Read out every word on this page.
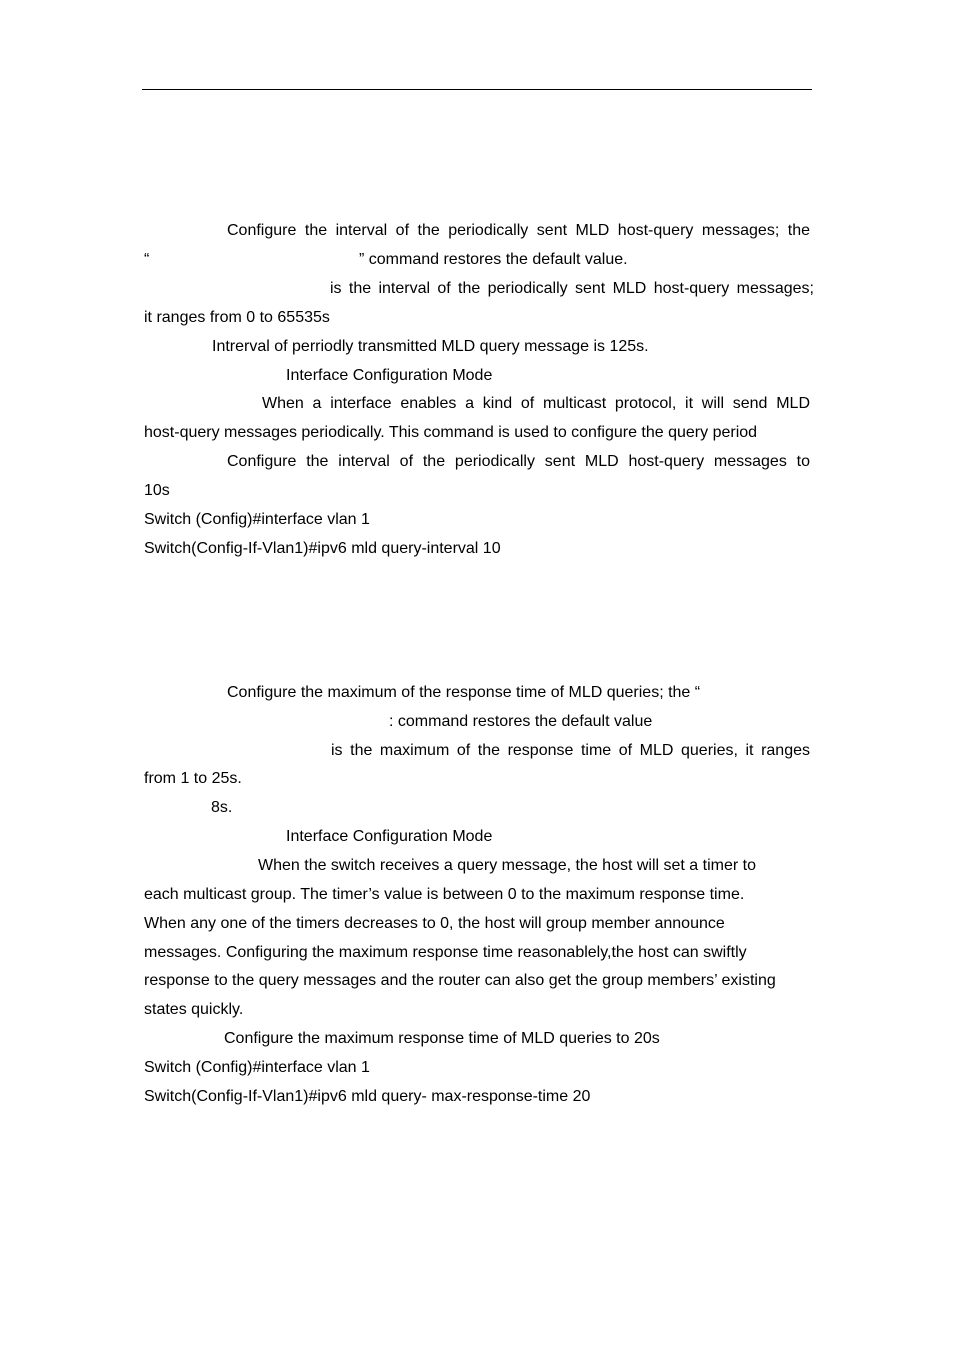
Configure the interval of the periodically sent MLD host-query messages; the
“	” command restores the default value.
is the interval of the periodically sent MLD host-query messages;
it ranges from 0 to 65535s
Intrerval of perriodly transmitted MLD query message is 125s.
Interface Configuration Mode
When a interface enables a kind of multicast protocol, it will send MLD
host-query messages periodically. This command is used to configure the query period
Configure the interval of the periodically sent MLD host-query messages to
10s
Switch (Config)#interface vlan 1
Switch(Config-If-Vlan1)#ipv6 mld query-interval 10
Configure the maximum of the response time of MLD queries; the “
: command restores the default value
is the maximum of the response time of MLD queries, it ranges
from 1 to 25s.
8s.
Interface Configuration Mode
When the switch receives a query message, the host will set a timer to
each multicast group. The timer’s value is between 0 to the maximum response time.
When any one of the timers decreases to 0, the host will group member announce
messages. Configuring the maximum response time reasonablely,the host can swiftly
response to the query messages and the router can also get the group members’ existing
states quickly.
Configure the maximum response time of MLD queries to 20s
Switch (Config)#interface vlan 1
Switch(Config-If-Vlan1)#ipv6 mld query- max-response-time 20
